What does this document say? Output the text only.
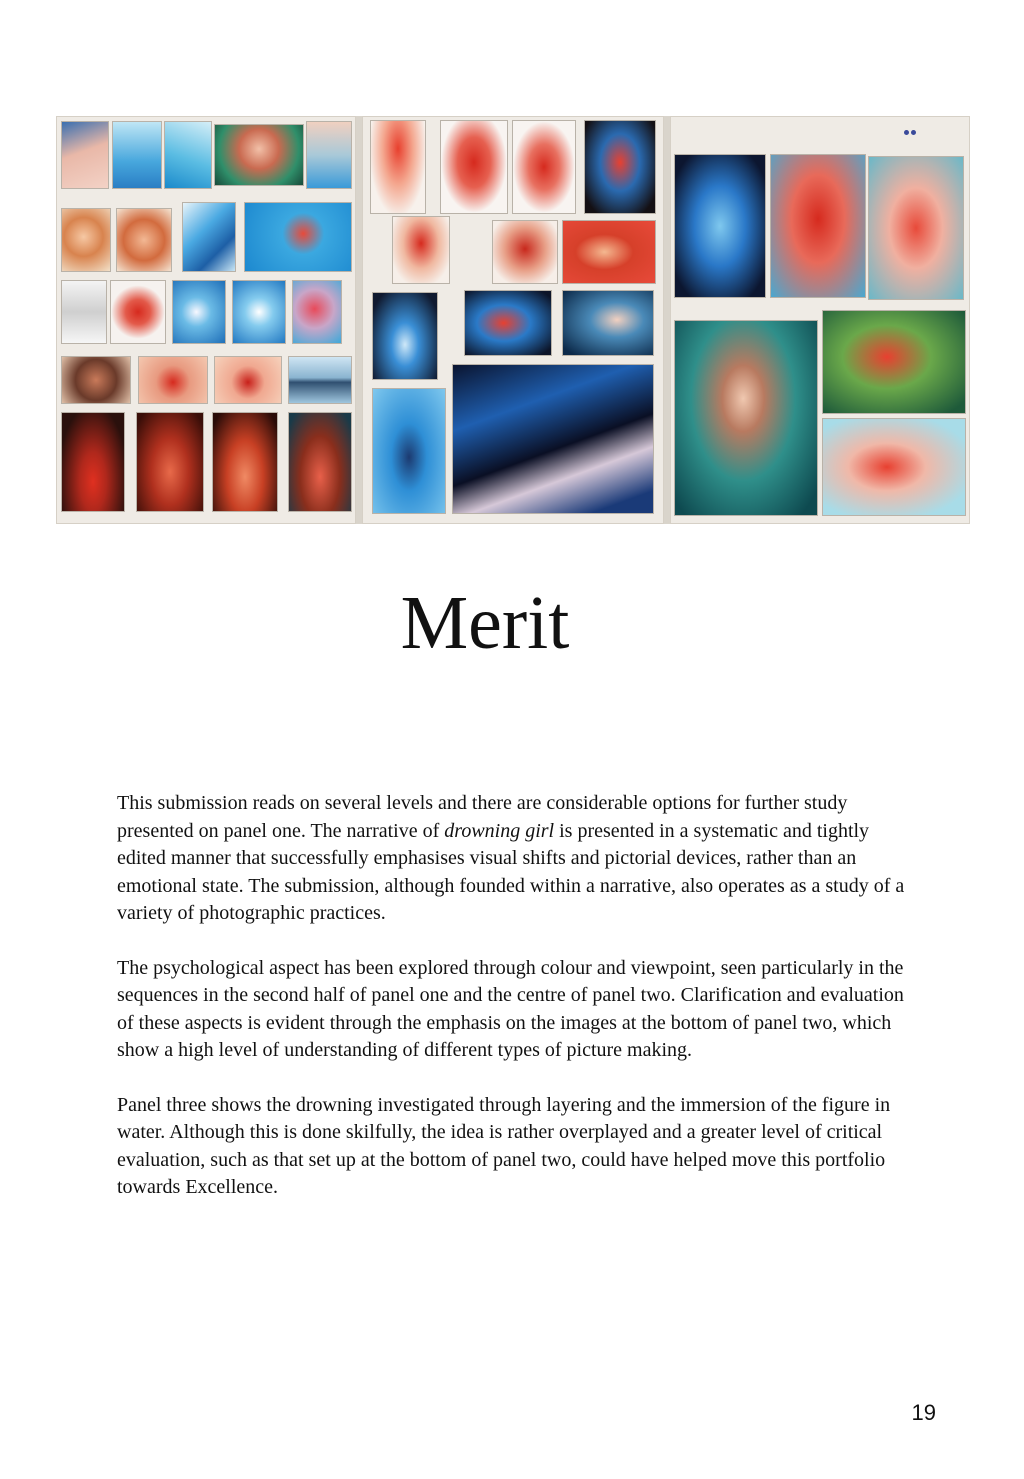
Merit

This submission reads on several levels and there are considerable options for further study presented on panel one. The narrative of drowning girl is presented in a systematic and tightly edited manner that successfully emphasises visual shifts and pictorial devices, rather than an emotional state. The submission, although founded within a narrative, also operates as a study of a variety of photographic practices.

The psychological aspect has been explored through colour and viewpoint, seen particularly in the sequences in the second half of panel one and the centre of panel two. Clarification and evaluation of these aspects is evident through the emphasis on the images at the bottom of panel two, which show a high level of understanding of different types of picture making.

Panel three shows the drowning investigated through layering and the immersion of the figure in water. Although this is done skilfully, the idea is rather overplayed and a greater level of critical evaluation, such as that set up at the bottom of panel two, could have helped move this portfolio towards Excellence.

19
